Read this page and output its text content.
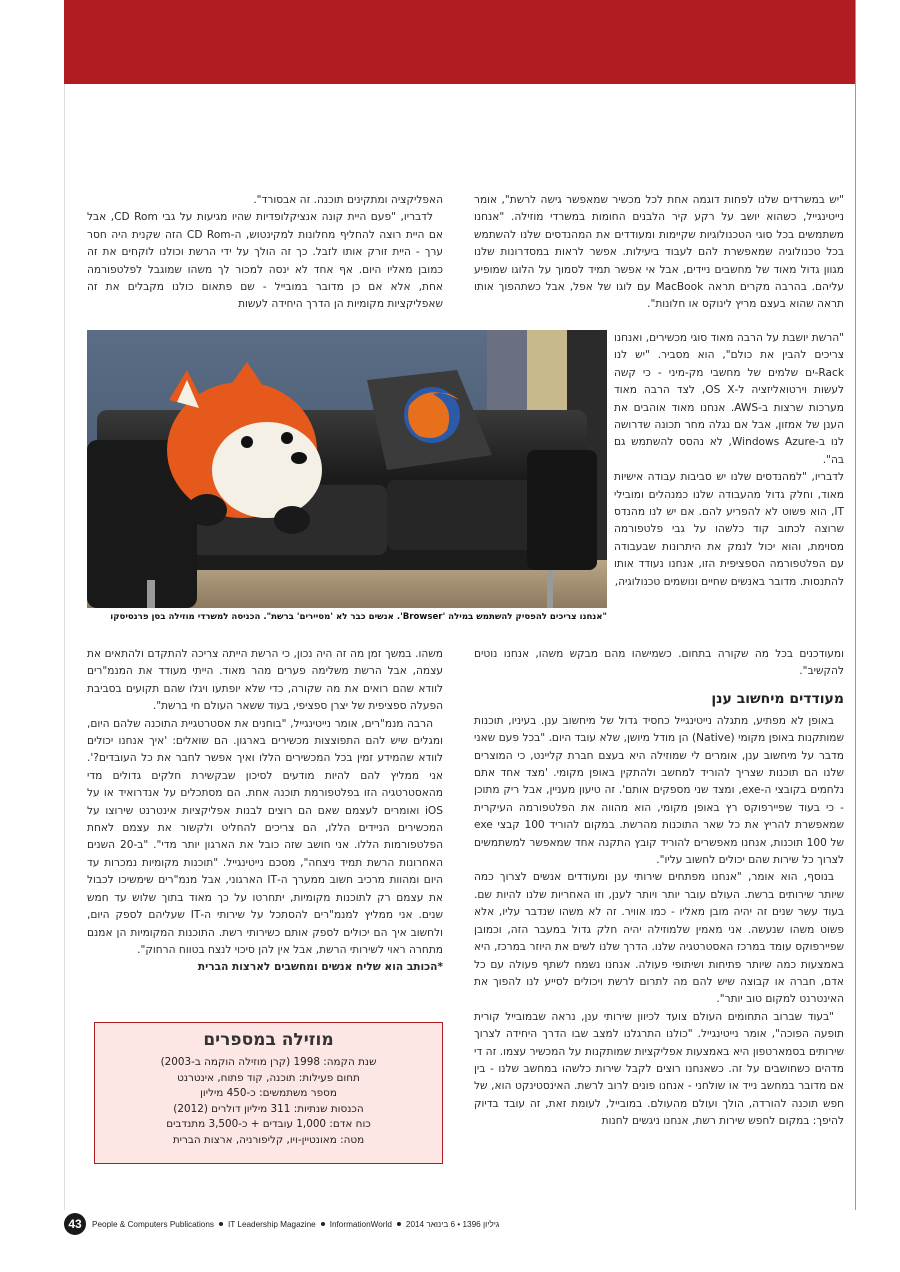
"יש במשרדים שלנו לפחות דוגמה אחת לכל מכשיר שמאפשר גישה לרשת", אומר נייטינגייל, כשהוא יושב על רקע קיר הלבנים החומות במשרדי מוזילה. "אנחנו משתמשים בכל סוגי הטכנולוגיות שקיימות ומעודדים את המהנדסים שלנו להשתמש בכל טכנולוגיה שמאפשרת להם לעבוד ביעילות. אפשר לראות במסדרונות שלנו מגוון גדול מאוד של מחשבים ניידים, אבל אי אפשר תמיד לסמוך על הלוגו שמופיע עליהם. בהרבה מקרים תראה MacBook עם לוגו של אפל, אבל כשתהפוך אותו תראה שהוא בעצם מריץ לינוקס או חלונות".

האפליקציה ומתקינים תוכנה. זה אבסורד".

לדבריו, "פעם היית קונה אנציקלופדיות שהיו מגיעות על גבי CD Rom, אבל אם היית רוצה להחליף מחלונות למקינטוש, ה-CD Rom הזה שקנית היה חסר ערך - היית זורק אותו לזבל. כך זה הולך על ידי הרשת וכולנו לוקחים את זה כמובן מאליו היום. אף אחד לא ינסה למכור לך משהו שמוגבל לפלטפורמה אחת, אלא אם כן מדובר במובייל - שם פתאום כולנו מקבלים את זה שאפליקציות מקומיות הן הדרך היחידה לעשות

"אנחנו צריכים להפסיק להשתמש במילה 'Browser'. אנשים כבר לא 'מסיירים' ברשת". הכניסה למשרדי מוזילה בסן פרנסיסקו

"הרשת יושבת על הרבה מאוד סוגי מכשירים, ואנחנו צריכים להבין את כולם", הוא מסביר. "יש לנו Rack-ים שלמים של מחשבי מק-מיני - כי קשה לעשות וירטואליזציה ל-OS X, לצד הרבה מאוד מערכות שרצות ב-AWS. אנחנו מאוד אוהבים את הענן של אמזון, אבל אם נגלה מחר תכונה שדרושה לנו ב-Windows Azure, לא נהסס להשתמש גם בה".

לדבריו, "למהנדסים שלנו יש סביבות עבודה אישיות מאוד, וחלק גדול מהעבודה שלנו כמנהלים ומובילי IT, הוא פשוט לא להפריע להם. אם יש לנו מהנדס שרוצה לכתוב קוד כלשהו על גבי פלטפורמה מסוימת, והוא יכול לנמק את היתרונות שבעבודה עם הפלטפורמה הספציפית הזו, אנחנו נעודד אותו להתנסות. מדובר באנשים שחיים ונושמים טכנולוגיה,

משהו. במשך זמן מה זה היה נכון, כי הרשת הייתה צריכה להתקדם ולהתאים את עצמה, אבל הרשת משלימה פערים מהר מאוד. הייתי מעודד את המנמ"רים לוודא שהם רואים את מה שקורה, כדי שלא יופתעו ויגלו שהם תקועים בסביבת הפעלה ספציפית של יצרן ספציפי, בעוד ששאר העולם חי ברשת".

הרבה מנמ"רים, אומר נייטינגייל, "בוחנים את אסטרטגיית התוכנה שלהם היום, ומגלים שיש להם התפוצצות מכשירים בארגון. הם שואלים: 'איך אנחנו יכולים לוודא שהמידע זמין בכל המכשירים הללו ואיך אפשר לחבר את כל העובדים?'. אני ממליץ להם להיות מודעים לסיכון שבקשירת חלקים גדולים מדי מהאסטרטגיה הזו בפלטפורמת תוכנה אחת. הם מסתכלים על אנדרואיד או על iOS ואומרים לעצמם שאם הם רוצים לבנות אפליקציות אינטרנט שירוצו על המכשירים הניידים הללו, הם צריכים להחליט ולקשור את עצמם לאחת הפלטפורמות הללו. אני חושב שזה כובל את הארגון יותר מדי". "ב-20 השנים האחרונות הרשת תמיד ניצחה", מסכם נייטינגייל. "תוכנות מקומיות נמכרות עד היום ומהוות מרכיב חשוב ממערך ה-IT הארגוני, אבל מנמ"רים שימשיכו לכבול את עצמם רק לתוכנות מקומיות, יתחרטו על כך מאוד בתוך שלוש עד חמש שנים. אני ממליץ למנמ"רים להסתכל על שירותי ה-IT שעליהם לספק היום, ולחשוב איך הם יכולים לספק אותם כשירותי רשת. התוכנות המקומיות הן אמנם מתחרה ראוי לשירותי הרשת, אבל אין להן סיכוי לנצח בטווח הרחוק".

*הכותב הוא שליח אנשים ומחשבים לארצות הברית

ומעודכנים בכל מה שקורה בתחום. כשמישהו מהם מבקש משהו, אנחנו נוטים להקשיב".

מעודדים מיחשוב ענן

באופן לא מפתיע, מתגלה נייטינגייל כחסיד גדול של מיחשוב ענן. בעיניו, תוכנות שמותקנות באופן מקומי (Native) הן מודל מיושן, שלא עובד היום. "בכל פעם שאני מדבר על מיחשוב ענן, אומרים לי שמוזילה היא בעצם חברת קליינט, כי המוצרים שלנו הם תוכנות שצריך להוריד למחשב ולהתקין באופן מקומי. 'מצד אחד אתם נלחמים בקובצי ה-exe, ומצד שני מספקים אותם'. זה טיעון מעניין, אבל ריק מתוכן - כי בעוד שפיירפוקס רץ באופן מקומי, הוא מהווה את הפלטפורמה העיקרית שמאפשרת להריץ את כל שאר התוכנות מהרשת. במקום להוריד 100 קבצי exe של 100 תוכנות, אנחנו מאפשרים להוריד קובץ התקנה אחד שמאפשר למשתמשים לצרוך כל שירות שהם יכולים לחשוב עליו".

בנוסף, הוא אומר, "אנחנו מפתחים שירותי ענן ומעודדים אנשים לצרוך כמה שיותר שירותים ברשת. העולם עובר יותר ויותר לענן, וזו האחריות שלנו להיות שם. בעוד עשר שנים זה יהיה מובן מאליו - כמו אוויר. זה לא משהו שנדבר עליו, אלא פשוט משהו שנעשה. אני מאמין שלמוזילה יהיה חלק גדול במעבר הזה, וכמובן שפיירפוקס עומד במרכז האסטרטגיה שלנו. הדרך שלנו לשים את היוזר במרכז, היא באמצעות כמה שיותר פתיחות ושיתופי פעולה. אנחנו נשמח לשתף פעולה עם כל אדם, חברה או קבוצה שיש להם מה לתרום לרשת ויכולים לסייע לנו להפוך את האינטרנט למקום טוב יותר".

"בעוד שברוב התחומים העולם צועד לכיוון שירותי ענן, נראה שבמובייל קורית תופעה הפוכה", אומר נייטינגייל. "כולנו התרגלנו למצב שבו הדרך היחידה לצרוך שירותים בסמארטפון היא באמצעות אפליקציות שמותקנות על המכשיר עצמו. זה די מדהים כשחושבים על זה. כשאנחנו רוצים לקבל שירות כלשהו במחשב שלנו - בין אם מדובר במחשב נייד או שולחני - אנחנו פונים לרוב לרשת. האינסטינקט הוא, של חפש תוכנה להורדה, הולך ועולם מהעולם. במובייל, לעומת זאת, זה עובד בדיוק להיפך: במקום לחפש שירות רשת, אנחנו ניגשים לחנות

מוזילה במספרים
שנת הקמה: 1998 (קרן מוזילה הוקמה ב-2003)
תחום פעילות: תוכנה, קוד פתוח, אינטרנט
מספר משתמשים: כ-450 מיליון
הכנסות שנתיות: 311 מיליון דולרים (2012)
כוח אדם: 1,000 עובדים + כ-3,500 מתנדבים
מטה: מאונטיין-ויו, קליפורניה, ארצות הברית
43	People & Computers Publications IT Leadership Magazine InformationWorld גיליון 1396 • 6 בינואר 2014
